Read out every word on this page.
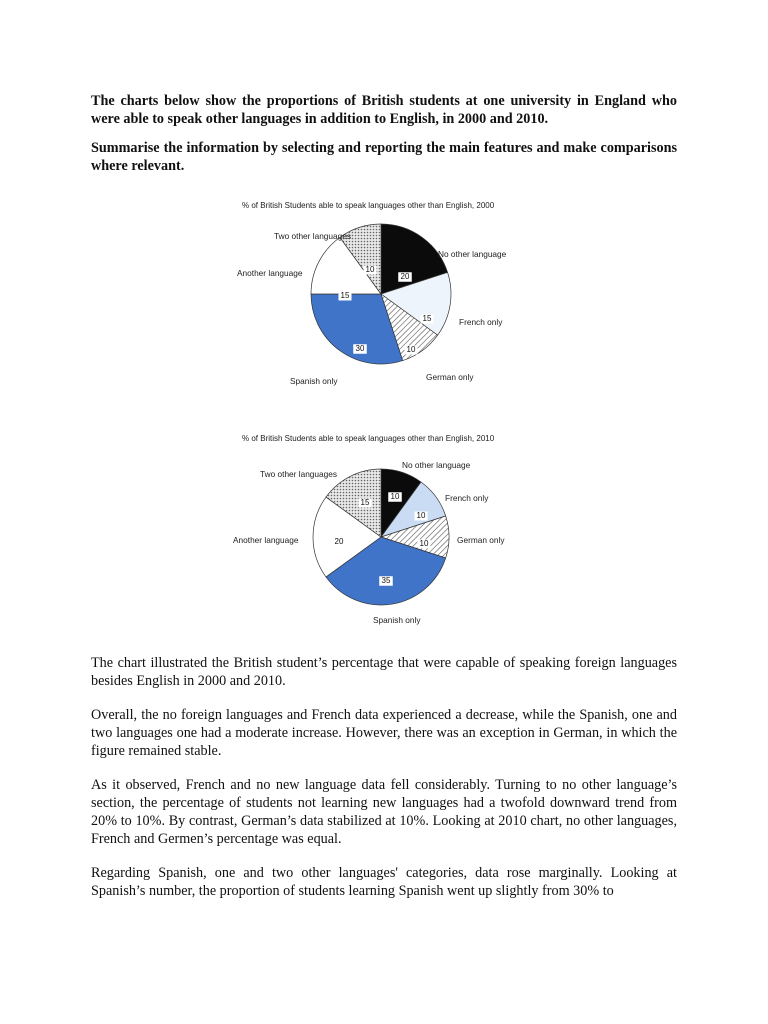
The charts below show the proportions of British students at one university in England who were able to speak other languages in addition to English, in 2000 and 2010.

Summarise the information by selecting and reporting the main features and make comparisons where relevant.

% of British Students able to speak languages other than English, 2000
20
15
10
30
15
10
No other language
French only
German only
Spanish only
Another language
Two other languages
% of British Students able to speak languages other than English, 2010
10
10
10
35
20
15
No other language
French only
German only
Spanish only
Another language
Two other languages

The chart illustrated the British student’s percentage that were capable of speaking foreign languages besides English in 2000 and 2010.

Overall, the no foreign languages and French data experienced a decrease, while the Spanish, one and two languages one had a moderate increase. However, there was an exception in German, in which the figure remained stable.

As it observed, French and no new language data fell considerably. Turning to no other language’s section, the percentage of students not learning new languages had a twofold downward trend from 20% to 10%. By contrast, German’s data stabilized at 10%. Looking at 2010 chart, no other languages, French and Germen’s percentage was equal.

Regarding Spanish, one and two other languages' categories, data rose marginally. Looking at Spanish’s number, the proportion of students learning Spanish went up slightly from 30% to
